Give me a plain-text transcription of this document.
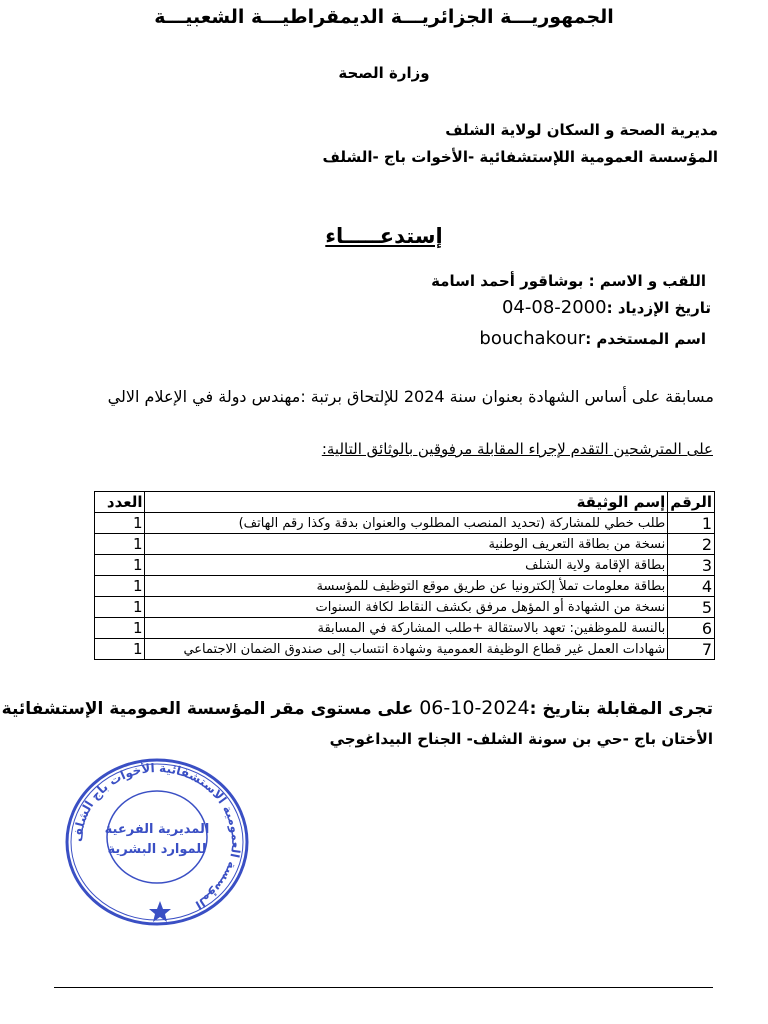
الجمهوريـــة الجزائريـــة الديمقراطيـــة الشعبيـــة
وزارة الصحة
مديرية الصحة و السكان لولاية الشلف
المؤسسة العمومية اللإستشفائية -الأخوات باج -الشلف
إستدعـــــاء
اللقب و الاسم : بوشاقور أحمد اسامة
تاريخ الإزدياد :2000-08-04
اسم المستخدم :bouchakour
مسابقة على أساس الشهادة بعنوان سنة 2024 للإلتحاق برتبة :مهندس دولة في الإعلام الالي
على المترشحين التقدم لإجراء المقابلة مرفوقين بالوثائق التالية:
الرقم	إسم الوثيقة	العدد
1	طلب خطي للمشاركة (تحديد المنصب المطلوب والعنوان بدقة وكذا رقم الهاتف)	1
2	نسخة من بطاقة التعريف الوطنية	1
3	بطاقة الإقامة ولاية الشلف	1
4	بطاقة معلومات تملأ إلكترونيا عن طريق موقع التوظيف للمؤسسة	1
5	نسخة من الشهادة أو المؤهل مرفق بكشف النقاط لكافة السنوات	1
6	بالنسة للموظفين: تعهد بالاستقالة +طلب المشاركة في المسابقة	1
7	شهادات العمل غير قطاع الوظيفة العمومية وشهادة انتساب إلى صندوق الضمان الاجتماعي	1
تجرى المقابلة بتاريخ :2024-10-06 على مستوى مقر المؤسسة العمومية الإستشفائية
الأختان باج -حي بن سونة الشلف- الجناح البيداغوجي
المؤسسة العمومية الاستشفائية الأخوات باج الشلف
المديرية الفرعية
للموارد البشرية
